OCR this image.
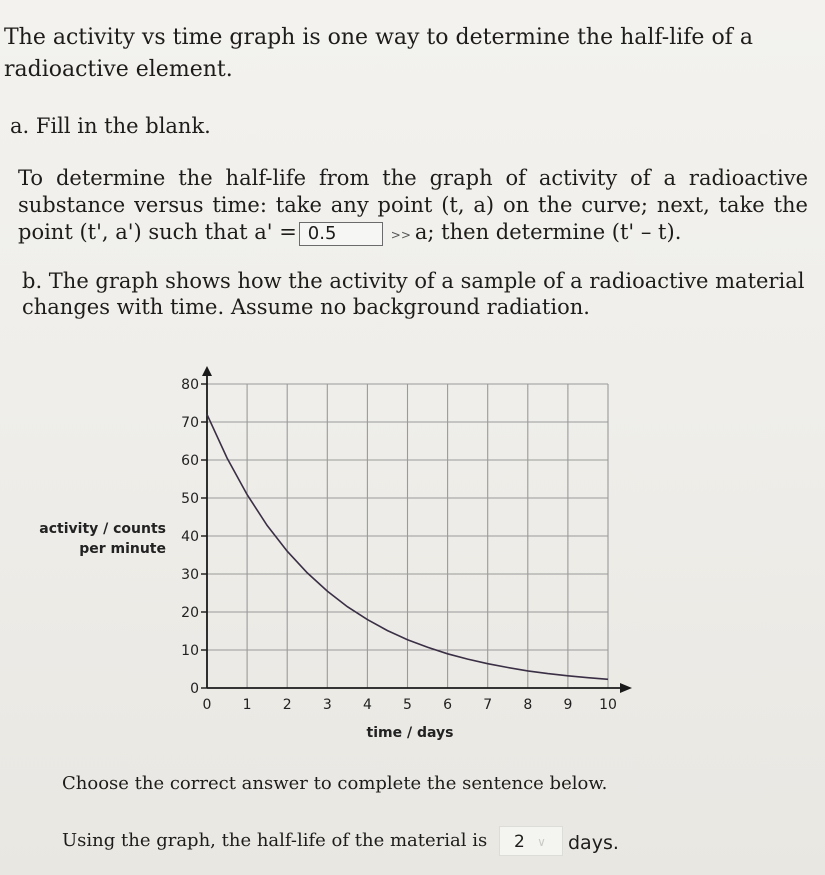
The activity vs time graph is one way to determine the half-life of a
radioactive element.
a. Fill in the blank.
To determine the half-life from the graph of activity of a radioactive
substance versus time: take any point (t, a) on the curve; next, take the
point (t', a') such that a' = 0.5	>> a; then determine (t' – t).
b. The graph shows how the activity of a sample of a radioactive material
changes with time. Assume no background radiation.
0
10
20
30
40
50
60
70
80
0 1 2 3 4 5 6 7 8 9 10
activity / counts
per minute
time / days
Choose the correct answer to complete the sentence below.
Using the graph, the half-life of the material is 2 ∨ days.
